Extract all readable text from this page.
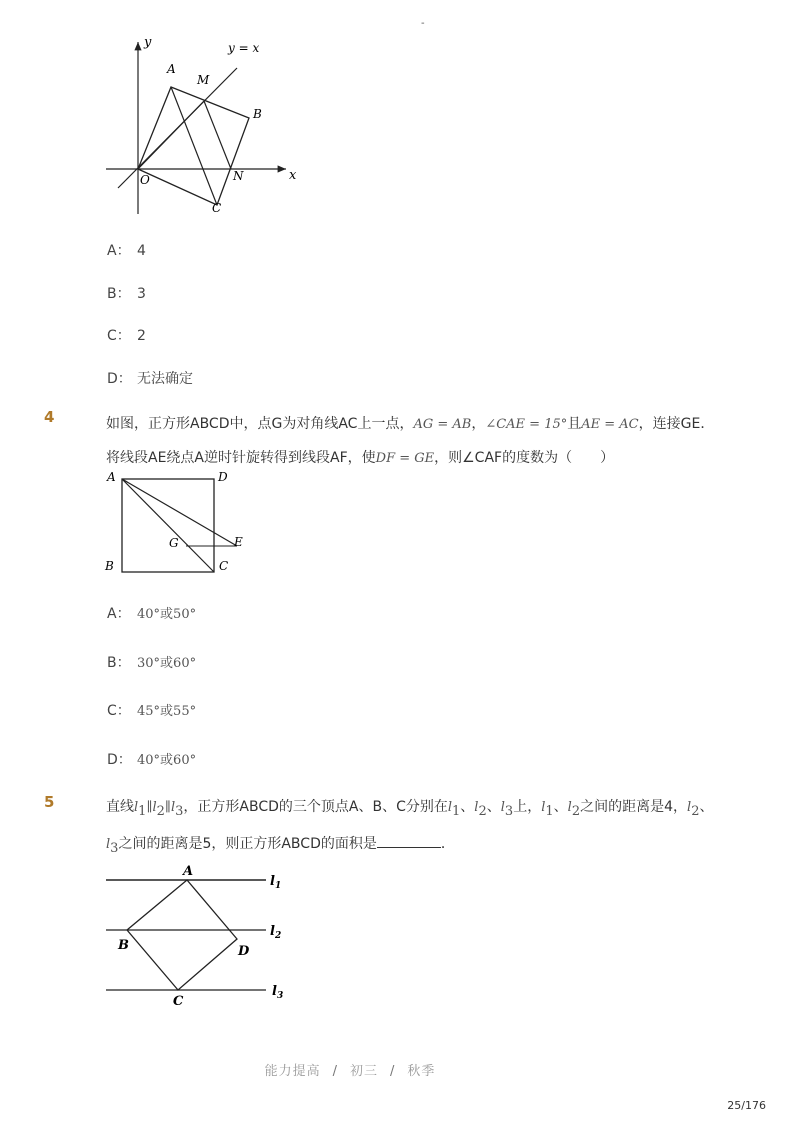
-
y	y = x
A
M
B
O	N	x
C
A： 4
B： 3
C： 2
D： 无法确定
4	如图，正方形ABCD中，点G为对角线AC上一点，AG = AB，∠CAE = 15°且AE = AC，连接GE．
将线段AE绕点A逆时针旋转得到线段AF，使DF = GE，则∠CAF的度数为（　　）
A	D
G	E
B	C
A： 40°或50°
B： 30°或60°
C： 45°或55°
D： 40°或60°
5	直线$l_1\parallel l_2\parallel l_3$，正方形ABCD的三个顶点A、B、C分别在$l_1$、$l_2$、$l_3$上，$l_1$、$l_2$之间的距离是4，$l_2$、
$l_3$之间的距离是5，则正方形ABCD的面积是	．
A
$l_1$
B
$l_2$
D
C
$l_3$
能力提高 / 初三 / 秋季
25/176
